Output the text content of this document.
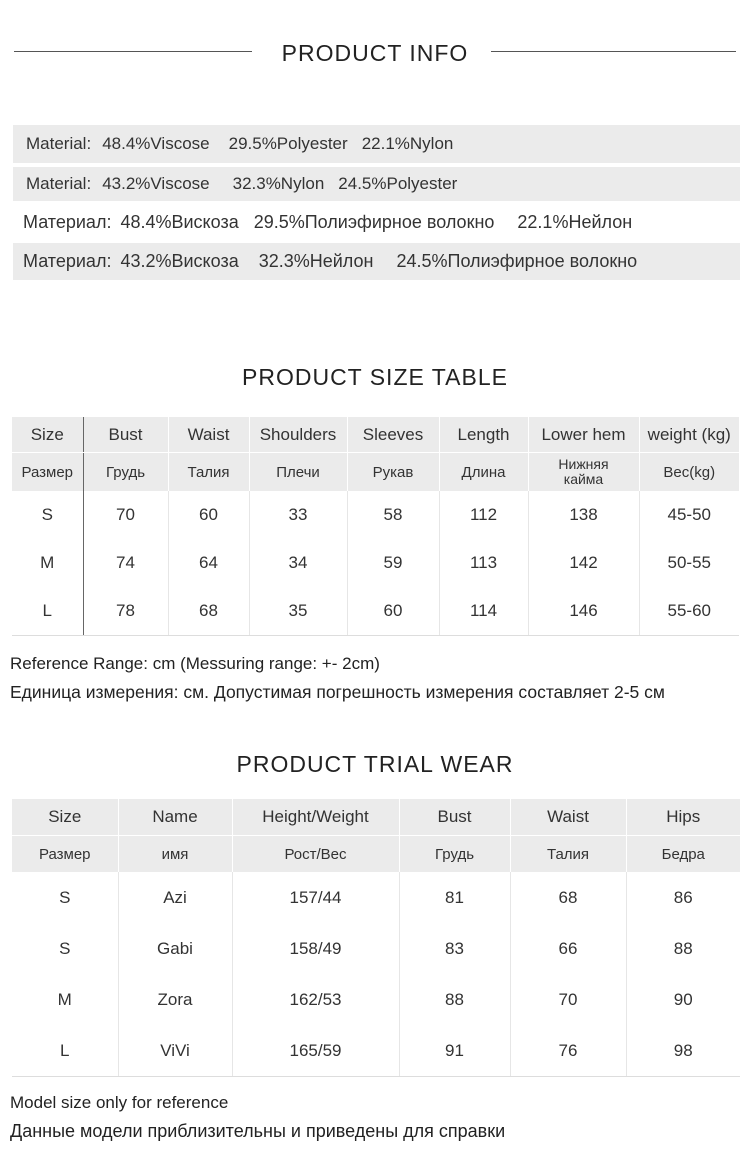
PRODUCT INFO
Material: 48.4%Viscose 29.5%Polyester 22.1%Nylon
Material: 43.2%Viscose 32.3%Nylon 24.5%Polyester
Материал: 48.4%Вискоза 29.5%Полиэфирное волокно 22.1%Нейлон
Материал: 43.2%Вискоза 32.3%Нейлон 24.5%Полиэфирное волокно
PRODUCT SIZE TABLE
Size	Bust	Waist	Shoulders	Sleeves	Length	Lower hem	weight (kg)
Размер	Грудь	Талия	Плечи	Рукав	Длина	Нижняя кайма	Вес(kg)
S	70	60	33	58	112	138	45-50
M	74	64	34	59	113	142	50-55
L	78	68	35	60	114	146	55-60
Reference Range: cm (Messuring range: +- 2cm)
Единица измерения: см. Допустимая погрешность измерения составляет 2-5 см
PRODUCT TRIAL WEAR
Size	Name	Height/Weight	Bust	Waist	Hips
Размер	имя	Рост/Вес	Грудь	Талия	Бедра
S	Azi	157/44	81	68	86
S	Gabi	158/49	83	66	88
M	Zora	162/53	88	70	90
L	ViVi	165/59	91	76	98
Model size only for reference
Данные модели приблизительны и приведены для справки
